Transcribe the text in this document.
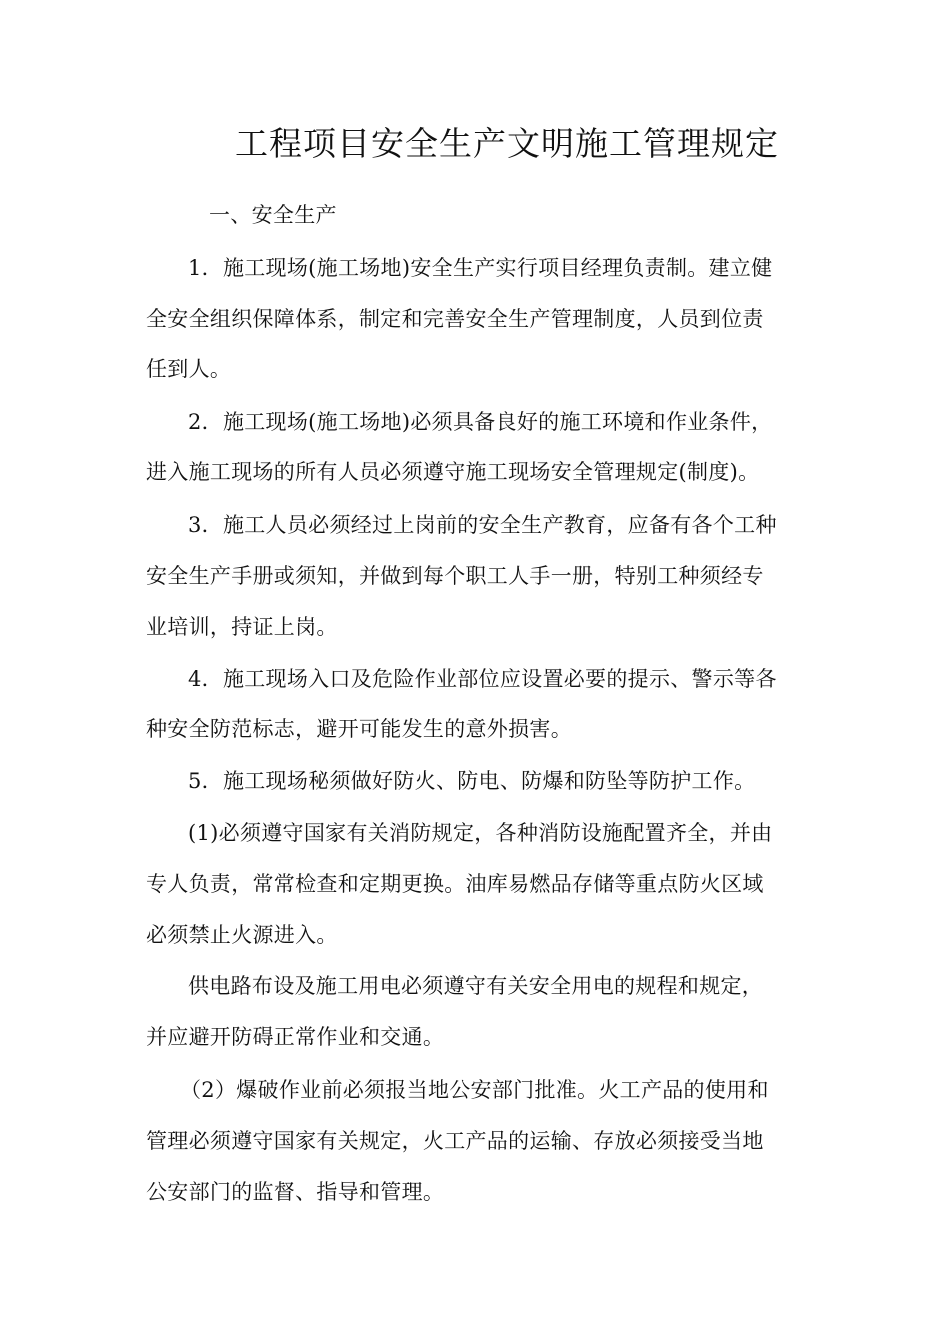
工程项目安全生产文明施工管理规定
一、安全生产
1．施工现场(施工场地)安全生产实行项目经理负责制。建立健
全安全组织保障体系，制定和完善安全生产管理制度，人员到位责
任到人。
2．施工现场(施工场地)必须具备良好的施工环境和作业条件，
进入施工现场的所有人员必须遵守施工现场安全管理规定(制度)。
3．施工人员必须经过上岗前的安全生产教育，应备有各个工种
安全生产手册或须知，并做到每个职工人手一册，特别工种须经专
业培训，持证上岗。
4．施工现场入口及危险作业部位应设置必要的提示、警示等各
种安全防范标志，避开可能发生的意外损害。
5．施工现场秘须做好防火、防电、防爆和防坠等防护工作。
(1)必须遵守国家有关消防规定，各种消防设施配置齐全，并由
专人负责，常常检查和定期更换。油库易燃品存储等重点防火区域
必须禁止火源进入。
供电路布设及施工用电必须遵守有关安全用电的规程和规定，
并应避开防碍正常作业和交通。
（2）爆破作业前必须报当地公安部门批准。火工产品的使用和
管理必须遵守国家有关规定，火工产品的运输、存放必须接受当地
公安部门的监督、指导和管理。
